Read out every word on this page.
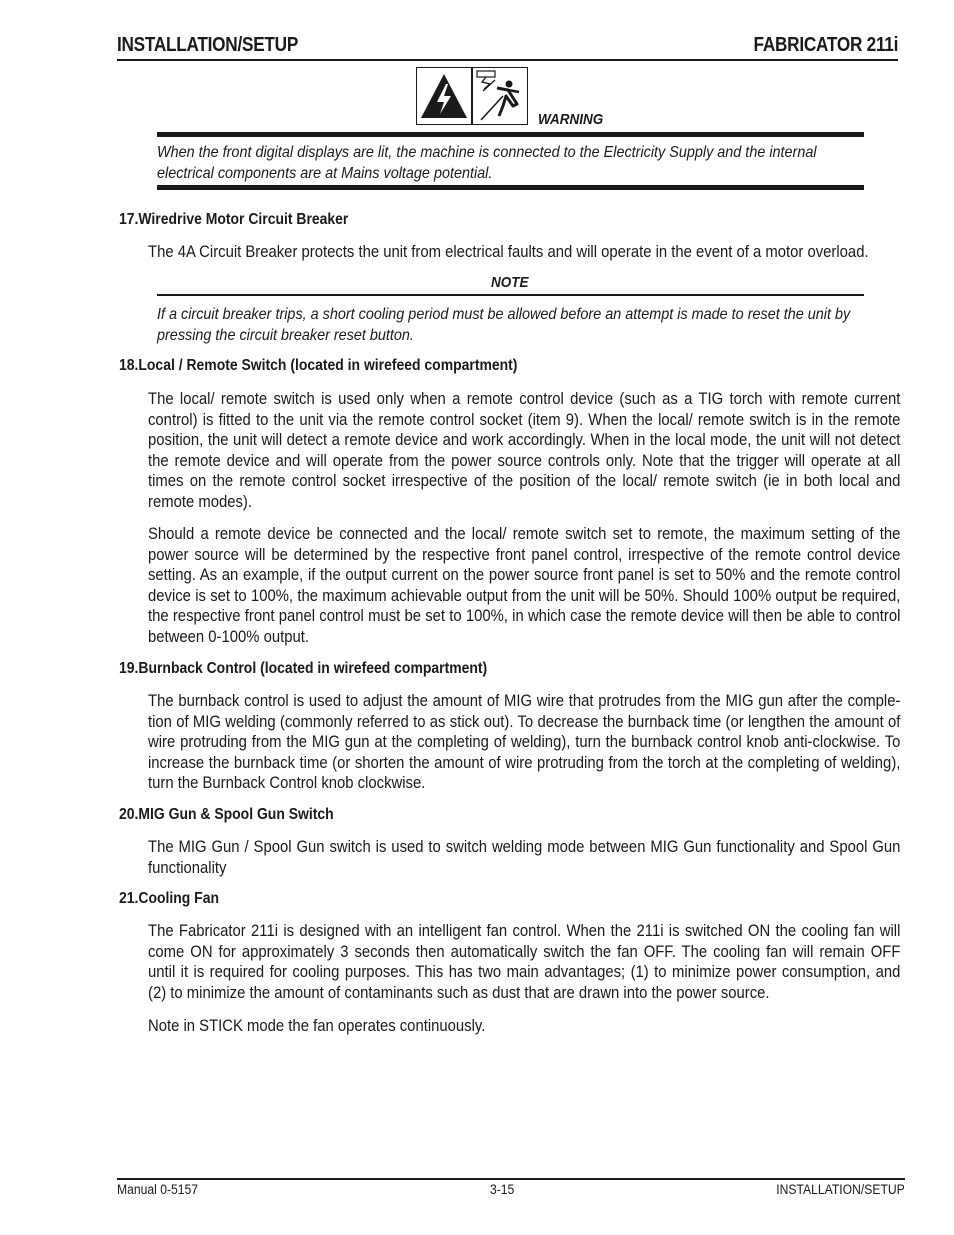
INSTALLATION/SETUP	FABRICATOR 211i
WARNING
When the front digital displays are lit, the machine is connected to the Electricity Supply and the internal electrical components are at Mains voltage potential.
17.Wiredrive Motor Circuit Breaker
The 4A Circuit Breaker protects the unit from electrical faults and will operate in the event of a motor overload.
NOTE
If a circuit breaker trips, a short cooling period must be allowed before an attempt is made to reset the unit by pressing the circuit breaker reset button.
18.Local / Remote Switch (located in wirefeed compartment)
The local/ remote switch is used only when a remote control device (such as a TIG torch with remote current control) is fitted to the unit via the remote control socket (item 9). When the local/ remote switch is in the remote position, the unit will detect a remote device and work accordingly. When in the local mode, the unit will not detect the remote device and will operate from the power source controls only. Note that the trigger will operate at all times on the remote control socket irrespective of the position of the local/ remote switch (ie in both local and remote modes).
Should a remote device be connected and the local/ remote switch set to remote, the maximum setting of the power source will be determined by the respective front panel control, irrespective of the remote control device setting. As an example, if the output current on the power source front panel is set to 50% and the remote control device is set to 100%, the maximum achievable output from the unit will be 50%. Should 100% output be required, the respective front panel control must be set to 100%, in which case the remote device will then be able to control between 0-100% output.
19.Burnback Control (located in wirefeed compartment)
The burnback control is used to adjust the amount of MIG wire that protrudes from the MIG gun after the comple-tion of MIG welding (commonly referred to as stick out). To decrease the burnback time (or lengthen the amount of wire protruding from the MIG gun at the completing of welding), turn the burnback control knob anti-clockwise. To increase the burnback time (or shorten the amount of wire protruding from the torch at the completing of welding), turn the Burnback Control knob clockwise.
20.MIG Gun & Spool Gun Switch
The MIG Gun / Spool Gun switch is used to switch welding mode between MIG Gun functionality and Spool Gun functionality
21.Cooling Fan
The Fabricator 211i is designed with an intelligent fan control. When the 211i is switched ON the cooling fan will come ON for approximately 3 seconds then automatically switch the fan OFF. The cooling fan will remain OFF until it is required for cooling purposes. This has two main advantages; (1) to minimize power consumption, and (2) to minimize the amount of contaminants such as dust that are drawn into the power source.
Note in STICK mode the fan operates continuously.
Manual 0-5157	3-15	INSTALLATION/SETUP
